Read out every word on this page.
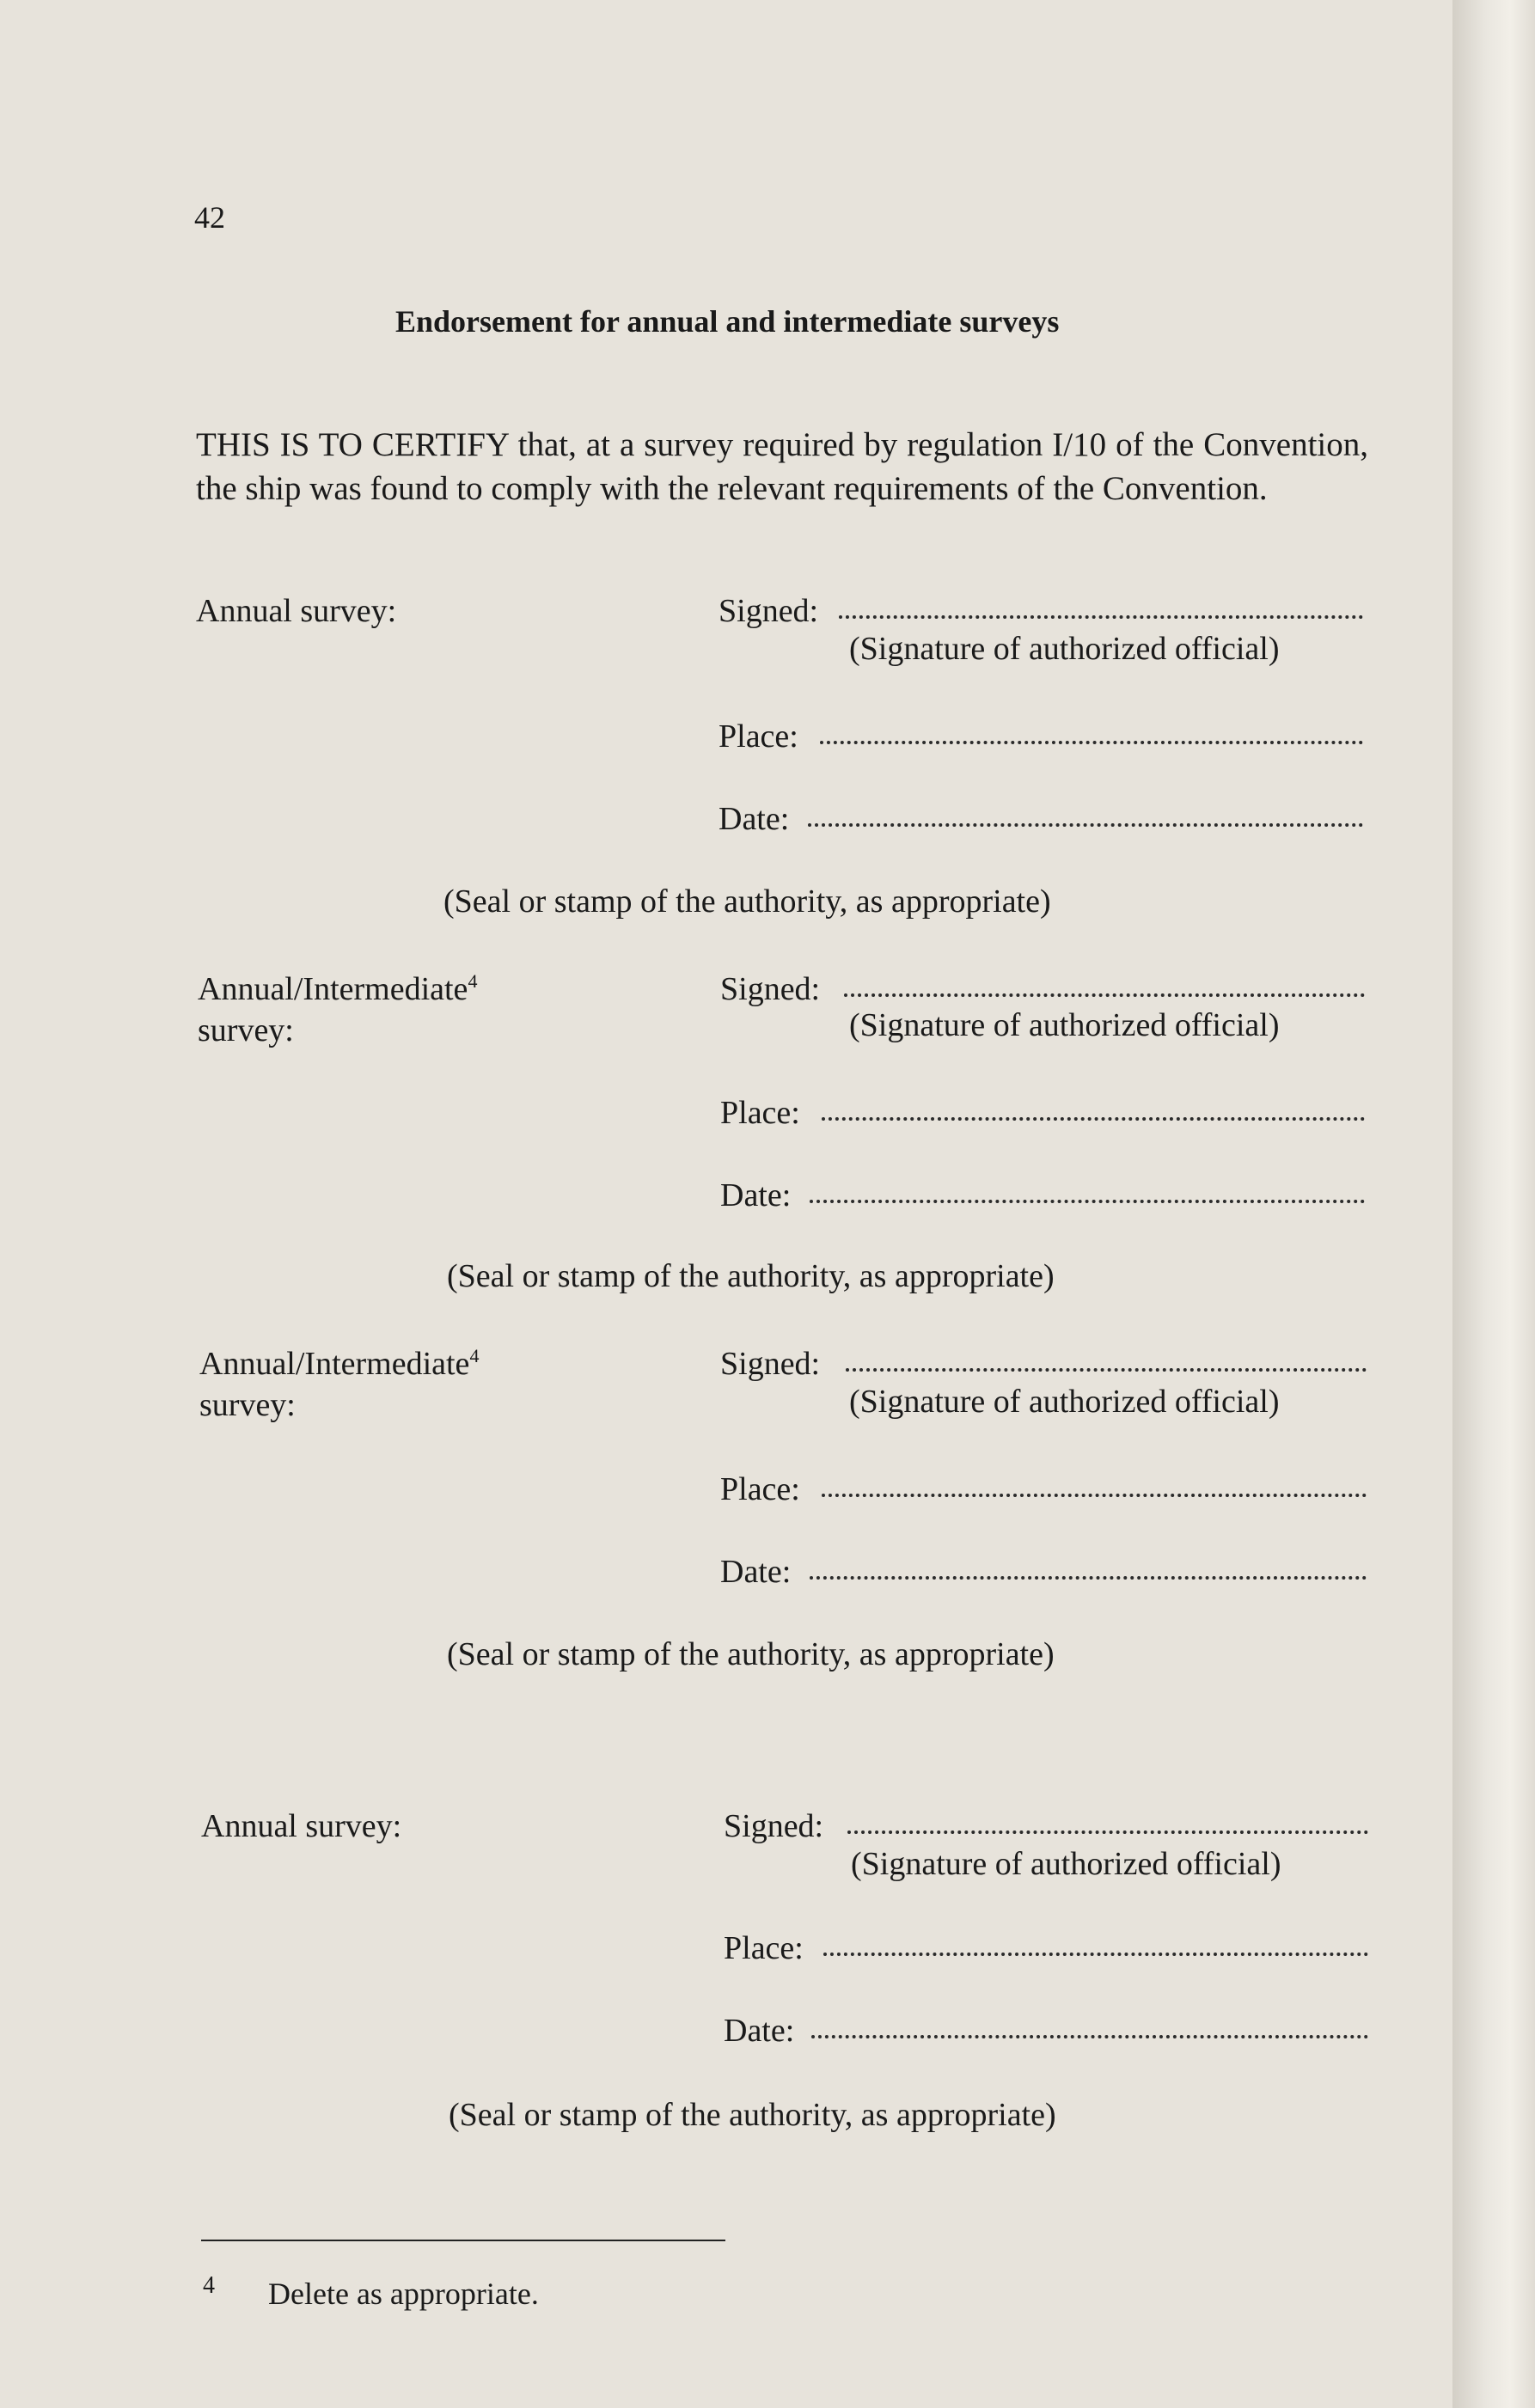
42
Endorsement for annual and intermediate surveys
THIS IS TO CERTIFY that, at a survey required by regulation I/10 of the Convention, the ship was found to comply with the relevant requirements of the Convention.
Annual survey:	Signed:
(Signature of authorized official)
Place:
Date:
(Seal or stamp of the authority, as appropriate)
Annual/Intermediate$^4$
survey:
Signed:
(Signature of authorized official)
Place:
Date:
(Seal or stamp of the authority, as appropriate)
Annual/Intermediate$^4$
survey:
Signed:
(Signature of authorized official)
Place:
Date:
(Seal or stamp of the authority, as appropriate)
Annual survey:	Signed:
(Signature of authorized official)
Place:
Date:
(Seal or stamp of the authority, as appropriate)
4 Delete as appropriate.
